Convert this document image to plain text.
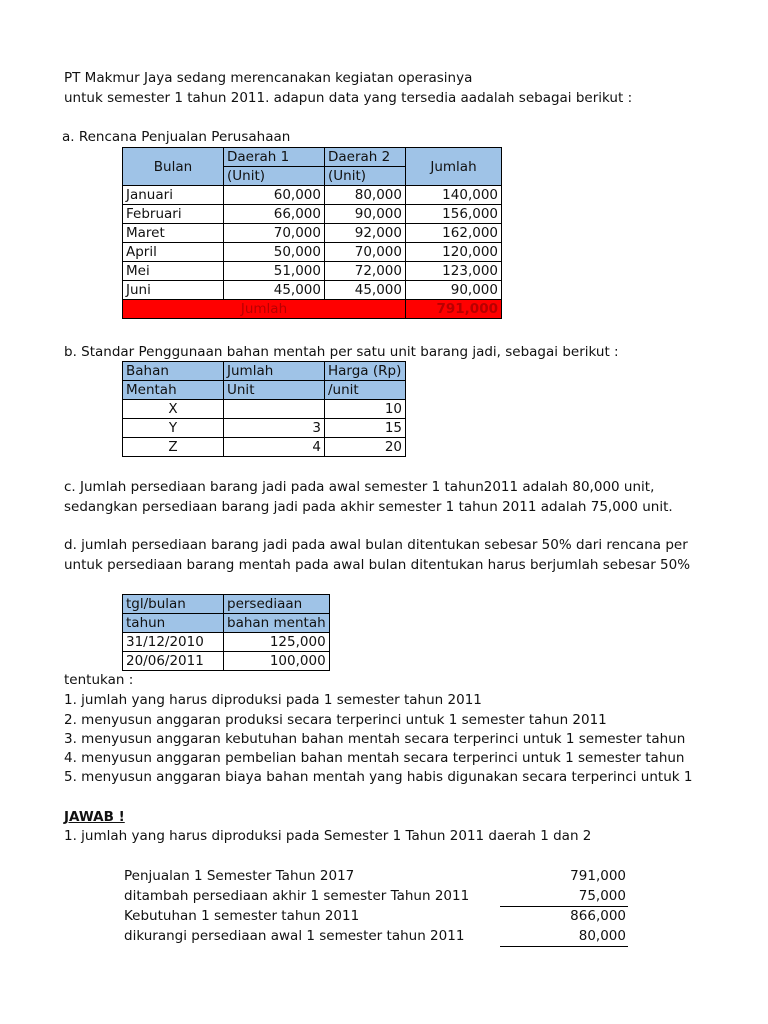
PT Makmur Jaya sedang merencanakan kegiatan operasinya
untuk semester 1 tahun 2011. adapun data yang tersedia aadalah sebagai berikut :
a. Rencana Penjualan Perusahaan
Bulan	Daerah 1	Daerah 2	Jumlah
	(Unit)	(Unit)	
Januari	60,000	80,000	140,000
Februari	66,000	90,000	156,000
Maret	70,000	92,000	162,000
April	50,000	70,000	120,000
Mei	51,000	72,000	123,000
Juni	45,000	45,000	90,000
Jumlah			791,000
b. Standar Penggunaan bahan mentah per satu unit barang jadi, sebagai berikut :
Bahan	Jumlah	Harga (Rp)
Mentah	Unit	/unit
X		10
Y	3	15
Z	4	20
c. Jumlah persediaan barang jadi pada awal semester 1 tahun2011 adalah 80,000 unit,
sedangkan persediaan barang jadi pada akhir semester 1 tahun 2011 adalah 75,000 unit.
d. jumlah persediaan barang jadi pada awal bulan ditentukan sebesar 50% dari rencana per
untuk persediaan barang mentah pada awal bulan ditentukan harus berjumlah sebesar 50%
tgl/bulan	persediaan
tahun	bahan mentah
31/12/2010	125,000
20/06/2011	100,000
tentukan :
1. jumlah yang harus diproduksi pada 1 semester tahun 2011
2. menyusun anggaran produksi secara terperinci untuk 1 semester tahun 2011
3. menyusun anggaran kebutuhan bahan mentah secara terperinci untuk 1 semester tahun
4. menyusun anggaran pembelian bahan mentah secara terperinci untuk 1 semester tahun
5. menyusun anggaran biaya bahan mentah yang habis digunakan secara terperinci untuk 1
JAWAB !
1. jumlah yang harus diproduksi pada Semester 1 Tahun 2011 daerah 1 dan 2
Penjualan 1 Semester Tahun 2017	791,000
ditambah persediaan akhir 1 semester Tahun 2011	75,000
Kebutuhan 1 semester tahun 2011	866,000
dikurangi persediaan awal 1 semester tahun 2011	80,000
